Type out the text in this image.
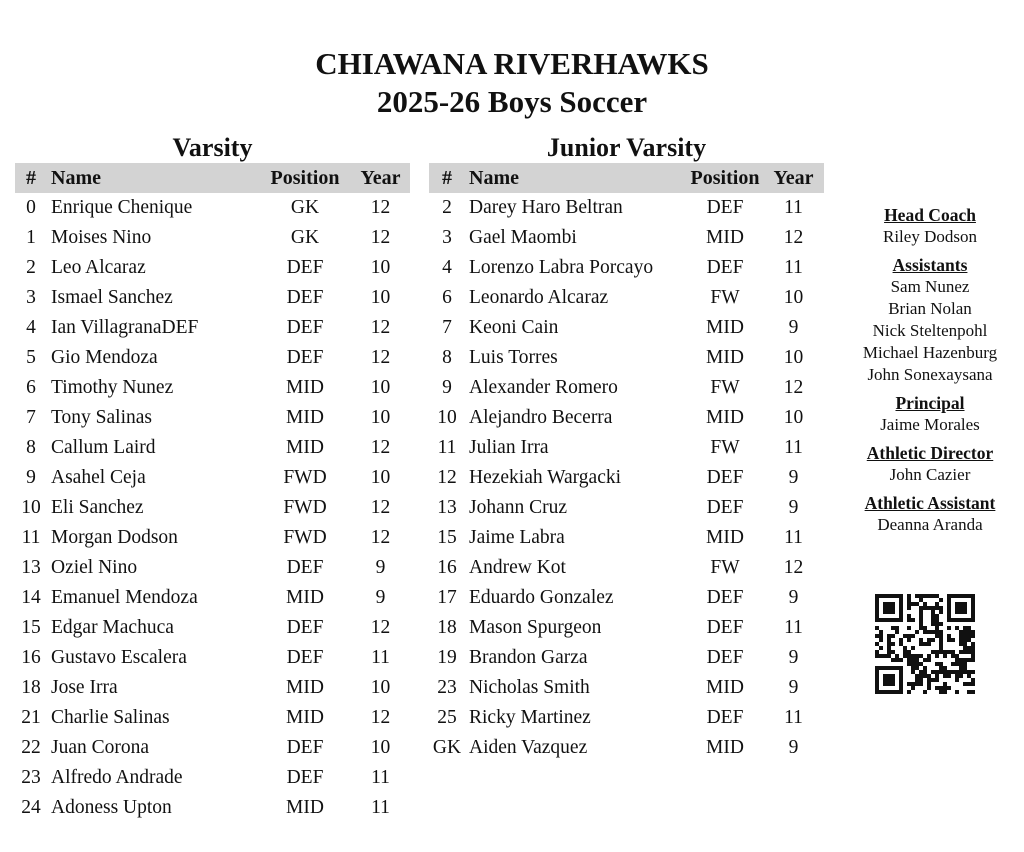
CHIAWANA RIVERHAWKS
2025-26 Boys Soccer
Varsity	Junior Varsity
#	Name	Position	Year
0	Enrique Chenique	GK	12
1	Moises Nino	GK	12
2	Leo Alcaraz	DEF	10
3	Ismael Sanchez	DEF	10
4	Ian VillagranaDEF	DEF	12
5	Gio Mendoza	DEF	12
6	Timothy Nunez	MID	10
7	Tony Salinas	MID	10
8	Callum Laird	MID	12
9	Asahel Ceja	FWD	10
10	Eli Sanchez	FWD	12
11	Morgan Dodson	FWD	12
13	Oziel Nino	DEF	9
14	Emanuel Mendoza	MID	9
15	Edgar Machuca	DEF	12
16	Gustavo Escalera	DEF	11
18	Jose Irra	MID	10
21	Charlie Salinas	MID	12
22	Juan Corona	DEF	10
23	Alfredo Andrade	DEF	11
24	Adoness Upton	MID	11
#	Name	Position	Year
2	Darey Haro Beltran	DEF	11
3	Gael Maombi	MID	12
4	Lorenzo Labra Porcayo	DEF	11
6	Leonardo Alcaraz	FW	10
7	Keoni Cain	MID	9
8	Luis Torres	MID	10
9	Alexander Romero	FW	12
10	Alejandro Becerra	MID	10
11	Julian Irra	FW	11
12	Hezekiah Wargacki	DEF	9
13	Johann Cruz	DEF	9
15	Jaime Labra	MID	11
16	Andrew Kot	FW	12
17	Eduardo Gonzalez	DEF	9
18	Mason Spurgeon	DEF	11
19	Brandon Garza	DEF	9
23	Nicholas Smith	MID	9
25	Ricky Martinez	DEF	11
GK	Aiden Vazquez	MID	9
Head Coach
Riley Dodson
Assistants
Sam Nunez
Brian Nolan
Nick Steltenpohl
Michael Hazenburg
John Sonexaysana
Principal
Jaime Morales
Athletic Director
John Cazier
Athletic Assistant
Deanna Aranda
